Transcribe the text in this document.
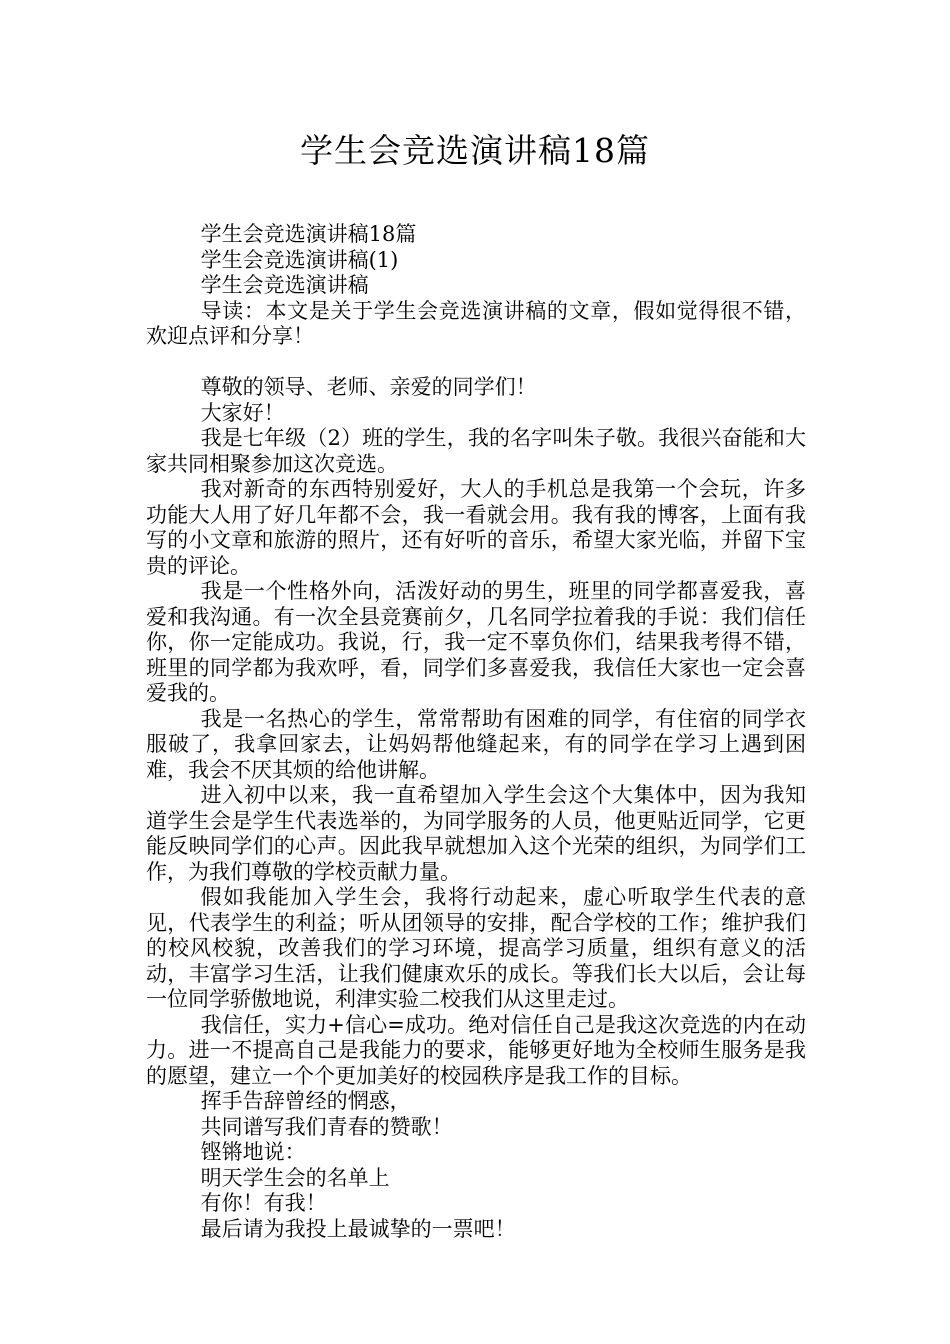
学生会竞选演讲稿18篇

学生会竞选演讲稿18篇

学生会竞选演讲稿(1)

学生会竞选演讲稿

导读：本文是关于学生会竞选演讲稿的文章，假如觉得很不错，欢迎点评和分享！

尊敬的领导、老师、亲爱的同学们！

大家好！

我是七年级（2）班的学生，我的名字叫朱子敬。我很兴奋能和大家共同相聚参加这次竞选。

我对新奇的东西特别爱好，大人的手机总是我第一个会玩，许多功能大人用了好几年都不会，我一看就会用。我有我的博客，上面有我写的小文章和旅游的照片，还有好听的音乐，希望大家光临，并留下宝贵的评论。

我是一个性格外向，活泼好动的男生，班里的同学都喜爱我，喜爱和我沟通。有一次全县竞赛前夕，几名同学拉着我的手说：我们信任你，你一定能成功。我说，行，我一定不辜负你们，结果我考得不错，班里的同学都为我欢呼，看，同学们多喜爱我，我信任大家也一定会喜爱我的。

我是一名热心的学生，常常帮助有困难的同学，有住宿的同学衣服破了，我拿回家去，让妈妈帮他缝起来，有的同学在学习上遇到困难，我会不厌其烦的给他讲解。

进入初中以来，我一直希望加入学生会这个大集体中，因为我知道学生会是学生代表选举的，为同学服务的人员，他更贴近同学，它更能反映同学们的心声。因此我早就想加入这个光荣的组织，为同学们工作，为我们尊敬的学校贡献力量。

假如我能加入学生会，我将行动起来，虚心听取学生代表的意见，代表学生的利益；听从团领导的安排，配合学校的工作；维护我们的校风校貌，改善我们的学习环境，提高学习质量，组织有意义的活动，丰富学习生活，让我们健康欢乐的成长。等我们长大以后，会让每一位同学骄傲地说，利津实验二校我们从这里走过。

我信任，实力+信心=成功。绝对信任自己是我这次竞选的内在动力。进一不提高自己是我能力的要求，能够更好地为全校师生服务是我的愿望，建立一个个更加美好的校园秩序是我工作的目标。

挥手告辞曾经的惘惑，

共同谱写我们青春的赞歌！

铿锵地说：

明天学生会的名单上

有你！有我！

最后请为我投上最诚挚的一票吧！
